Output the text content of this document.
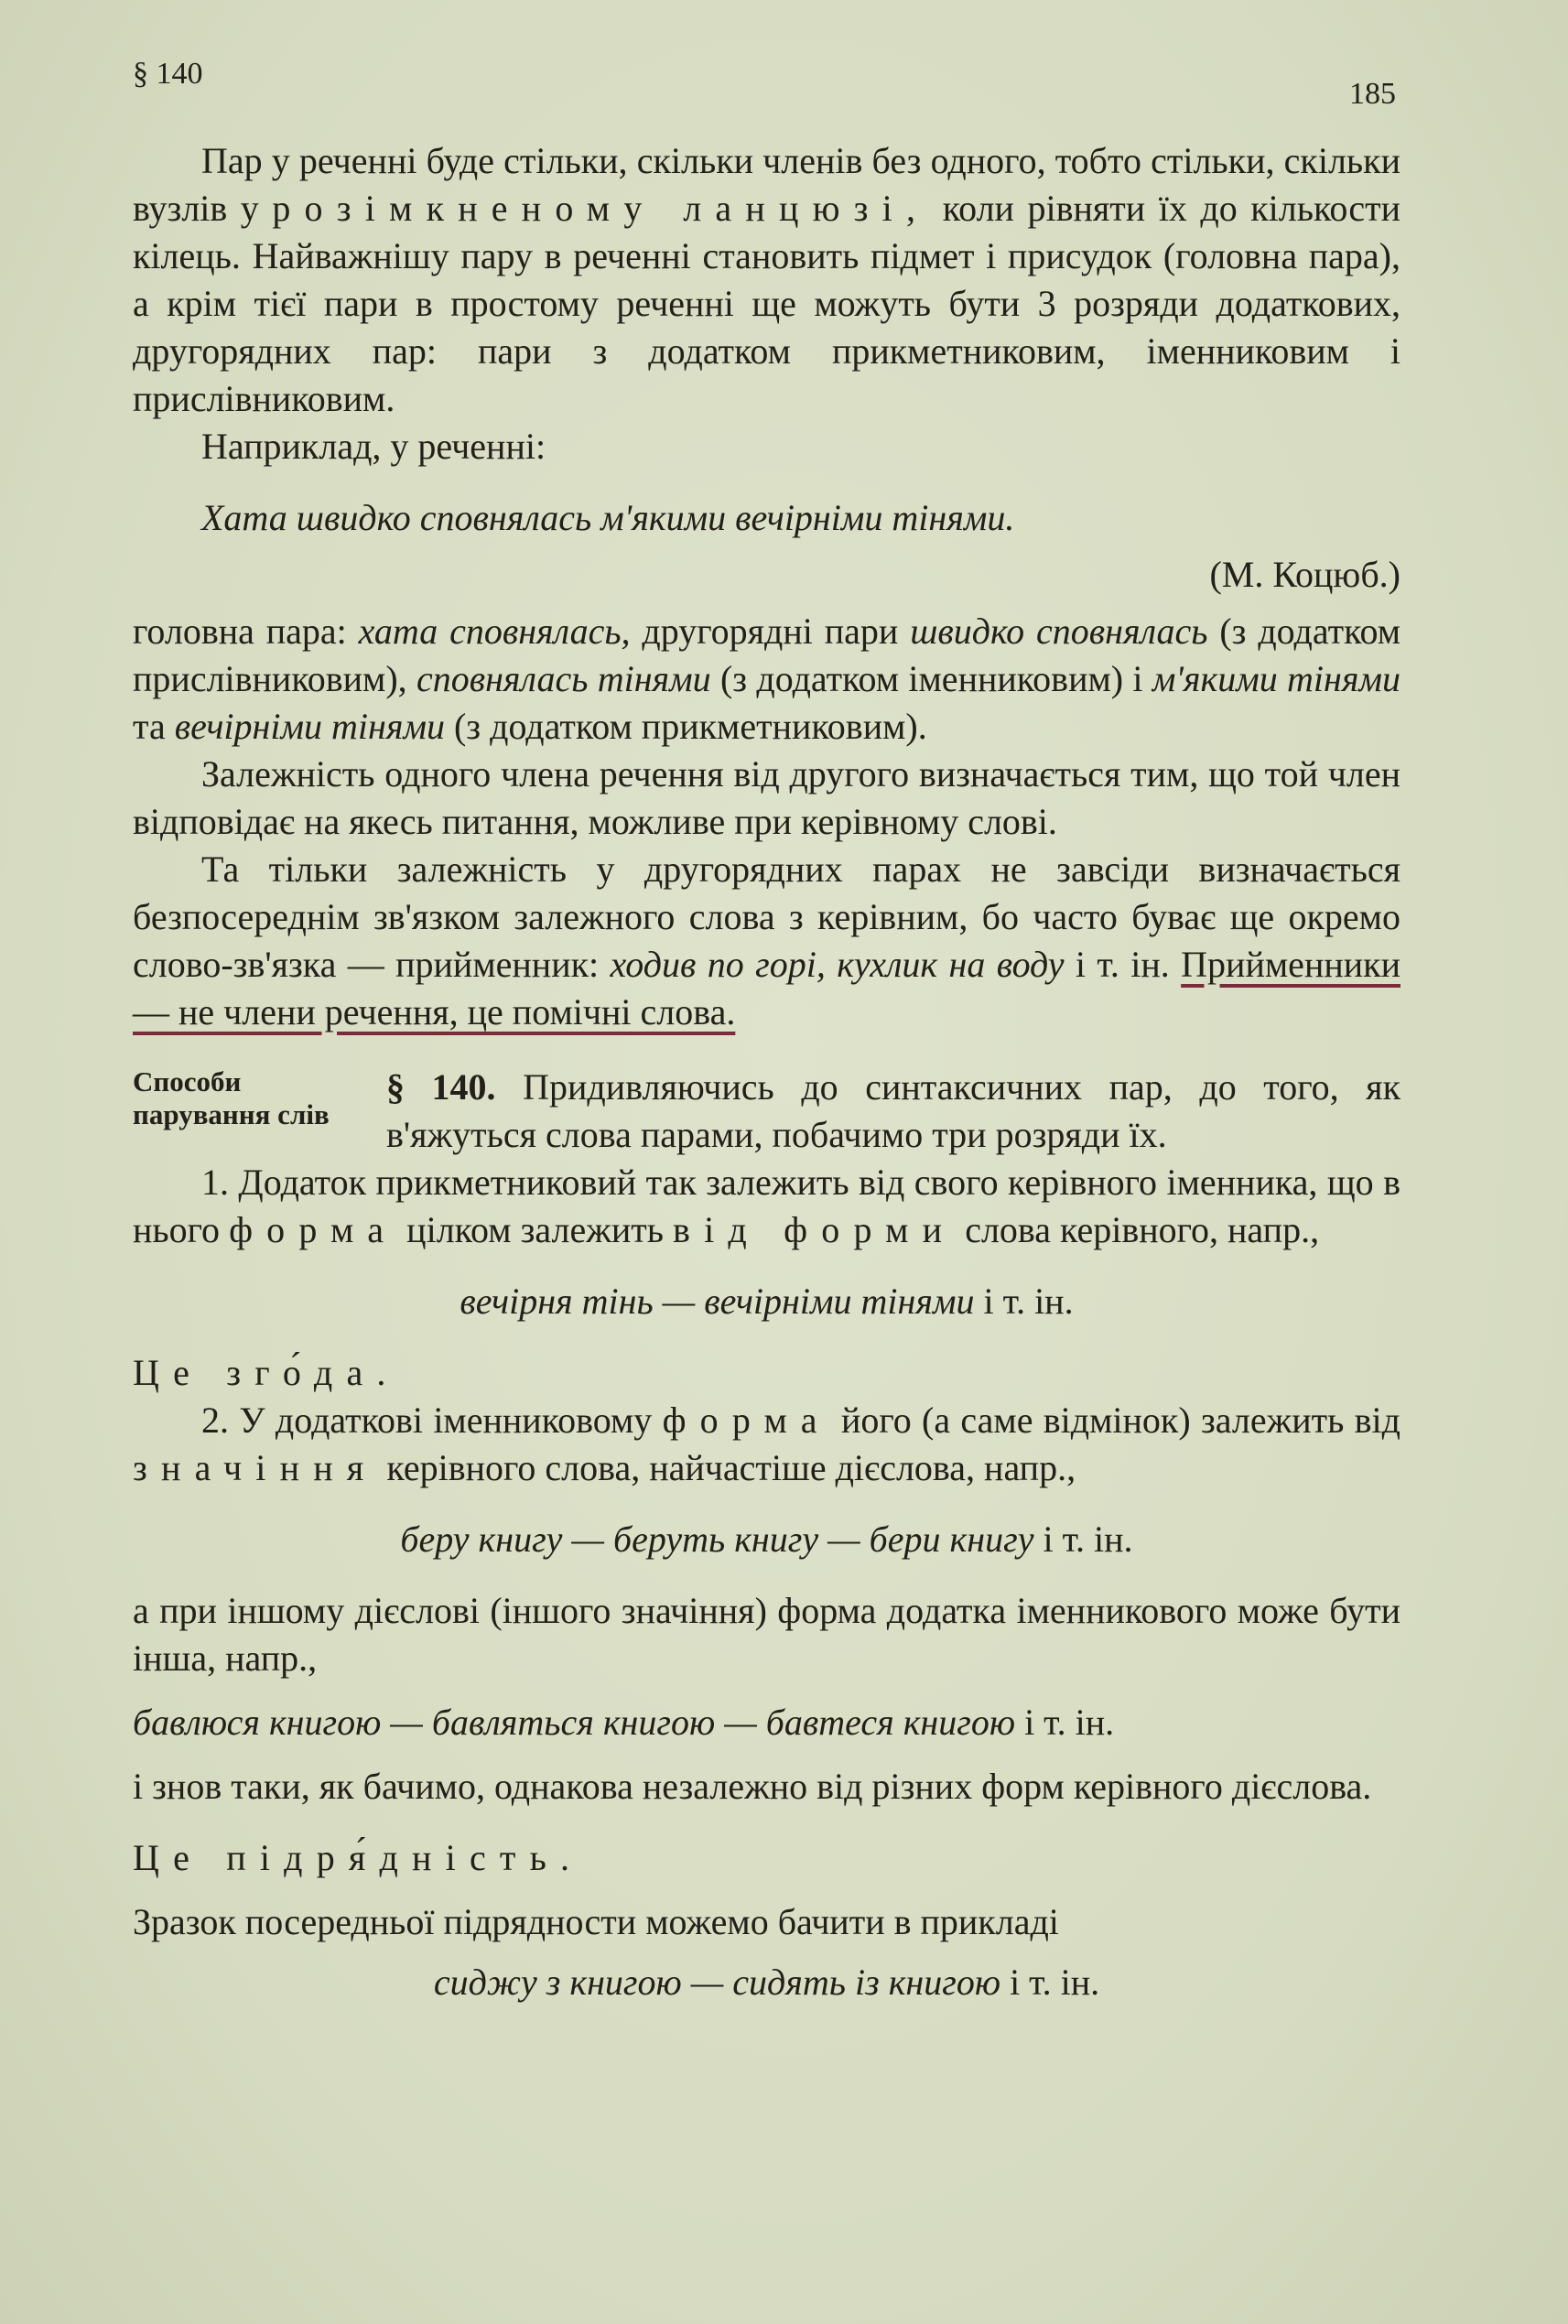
§ 140
185

Пар у реченні буде стільки, скільки членів без одного, тобто стільки, скільки вузлів у розімкненому ланцюзі, коли рівняти їх до кількости кілець. Найважнішу пару в реченні становить підмет і присудок (головна пара), а крім тієї пари в простому реченні ще можуть бути 3 розряди додаткових, другорядних пар: пари з додатком прикметниковим, іменниковим і прислівниковим.

Наприклад, у реченні:

Хата швидко сповнялась м'якими вечірніми тінями.

(М. Коцюб.)

головна пара: хата сповнялась, другорядні пари швидко сповнялась (з додатком прислівниковим), сповнялась тінями (з додатком іменниковим) і м'якими тінями та вечірніми тінями (з додатком прикметниковим).

Залежність одного члена речення від другого визначається тим, що той член відповідає на якесь питання, можливе при керівному слові.

Та тільки залежність у другорядних парах не завсіди визначається безпосереднім зв'язком залежного слова з керівним, бо часто буває ще окремо слово-зв'язка — прийменник: ходив по горі, кухлик на воду і т. ін. Прийменники — не члени речення, це помічні слова.

Способи парування слів

§ 140. Придивляючись до синтаксичних пар, до того, як в'яжуться слова парами, побачимо три розряди їх.

1. Додаток прикметниковий так залежить від свого керівного іменника, що в нього форма цілком залежить від форми слова керівного, напр.,

вечірня тінь — вечірніми тінями і т. ін.

Це зго́да.

2. У додаткові іменниковому форма його (а саме відмінок) залежить від значіння керівного слова, найчастіше дієслова, напр.,

беру книгу — беруть книгу — бери книгу і т. ін.

а при іншому дієслові (іншого значіння) форма додатка іменникового може бути інша, напр.,

бавлюся книгою — бавляться книгою — бавтеся книгою і т. ін.

і знов таки, як бачимо, однакова незалежно від різних форм керівного дієслова.

Це підря́дність.

Зразок посередньої підрядности можемо бачити в прикладі

сиджу з книгою — сидять із книгою і т. ін.
